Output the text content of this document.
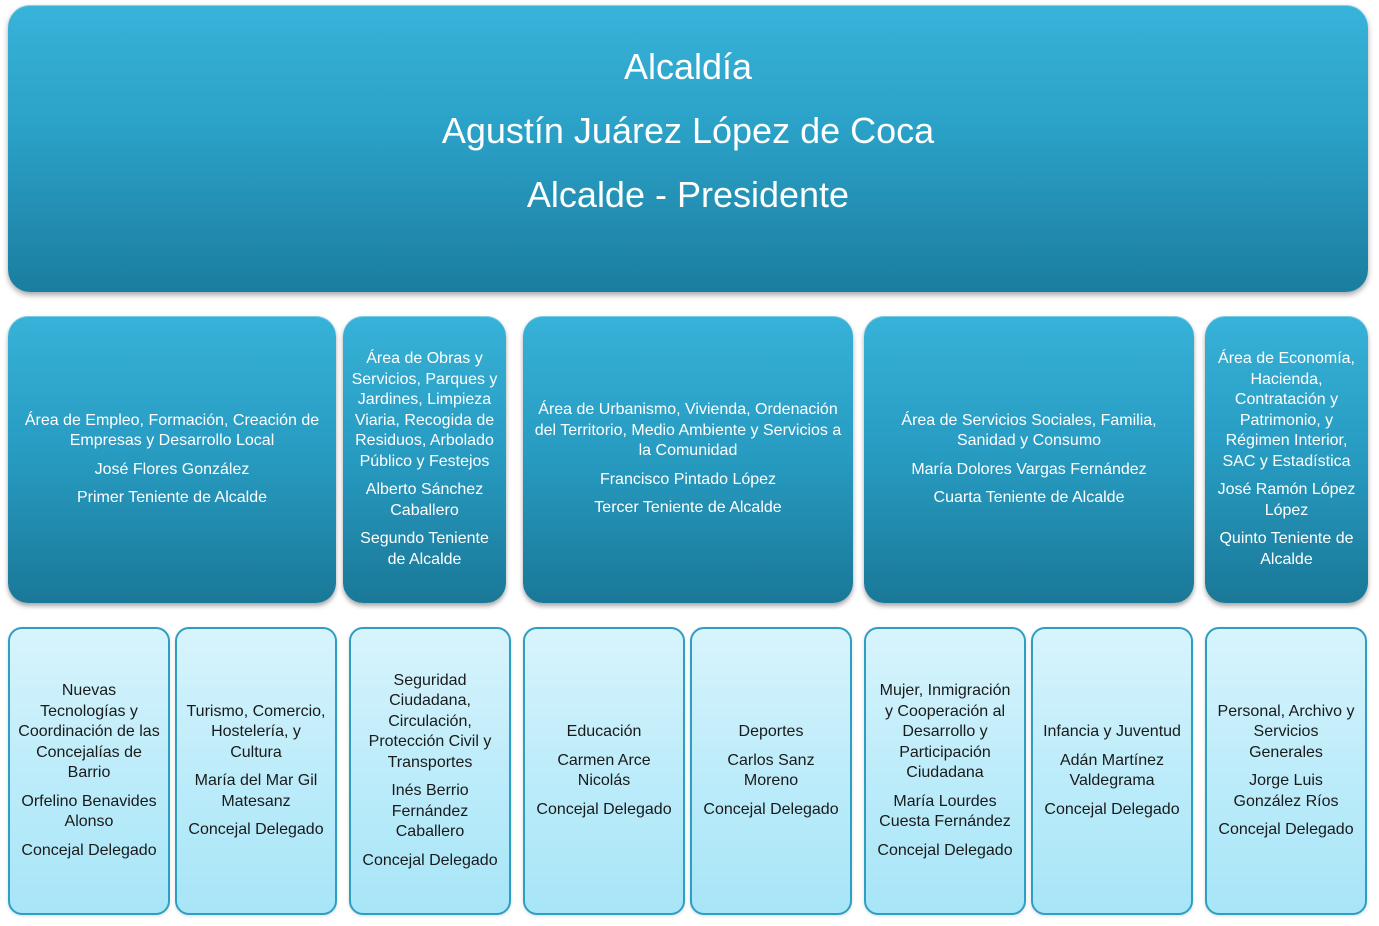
Alcaldía

Agustín Juárez López de Coca

Alcalde - Presidente

Área de Empleo, Formación, Creación de Empresas y Desarrollo Local

José Flores González

Primer Teniente de Alcalde

Área de Obras y Servicios, Parques y Jardines, Limpieza Viaria, Recogida de Residuos, Arbolado Público y Festejos

Alberto Sánchez Caballero

Segundo Teniente de Alcalde

Área de Urbanismo, Vivienda, Ordenación del Territorio, Medio Ambiente y Servicios a la Comunidad

Francisco Pintado López

Tercer Teniente de Alcalde

Área de Servicios Sociales, Familia, Sanidad y Consumo

María Dolores Vargas Fernández

Cuarta Teniente de Alcalde

Área de Economía, Hacienda, Contratación y Patrimonio, y Régimen Interior, SAC y Estadística

José Ramón López López

Quinto Teniente de Alcalde

Nuevas Tecnologías y Coordinación de las Concejalías de Barrio

Orfelino Benavides Alonso

Concejal Delegado

Turismo, Comercio, Hostelería, y Cultura

María del Mar Gil Matesanz

Concejal Delegado

Seguridad Ciudadana, Circulación, Protección Civil y Transportes

Inés Berrio Fernández Caballero

Concejal Delegado

Educación

Carmen Arce Nicolás

Concejal Delegado

Deportes

Carlos Sanz Moreno

Concejal Delegado

Mujer, Inmigración y Cooperación al Desarrollo y Participación Ciudadana

María Lourdes Cuesta Fernández

Concejal Delegado

Infancia y Juventud

Adán Martínez Valdegrama

Concejal Delegado

Personal, Archivo y Servicios Generales

Jorge Luis González Ríos

Concejal Delegado
